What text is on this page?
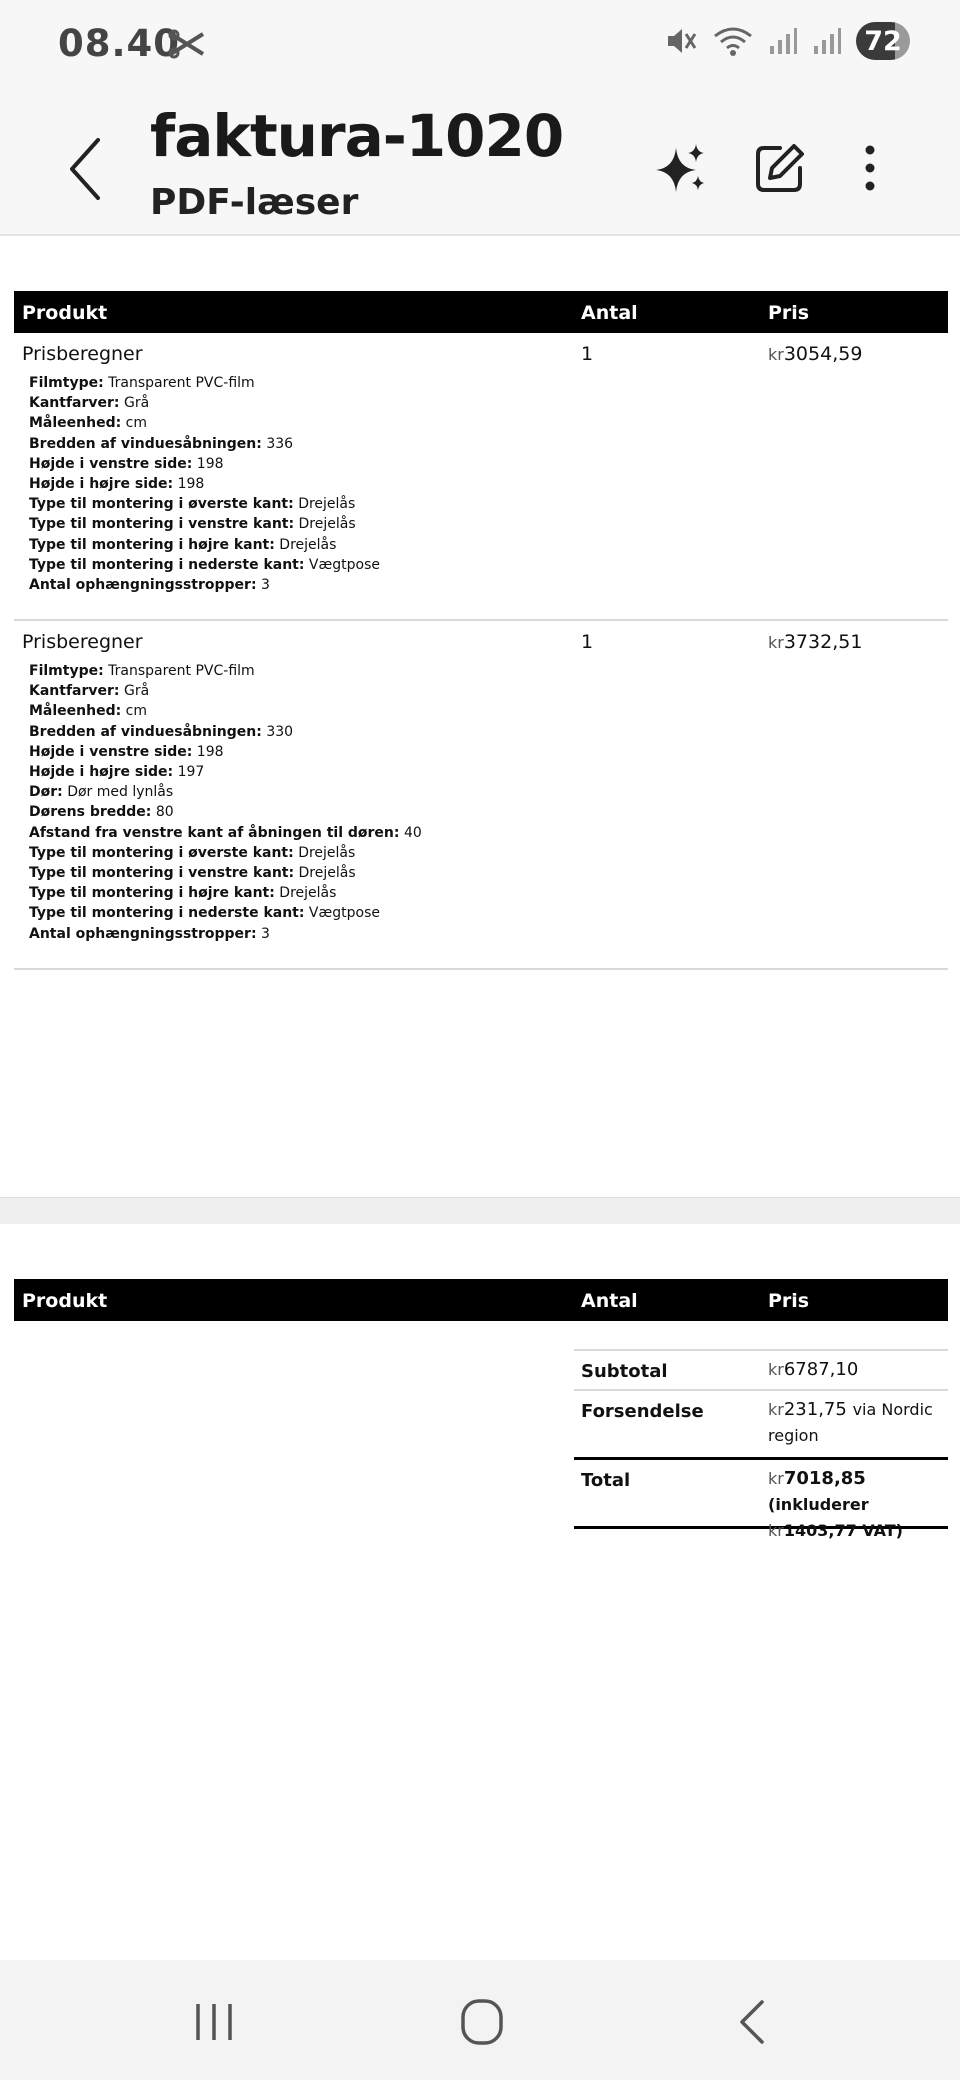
08.40	72
faktura-1020
PDF-læser
Produkt	Antal	Pris
Prisberegner	1	kr3054,59
Filmtype: Transparent PVC-film
Kantfarver: Grå
Måleenhed: cm
Bredden af vinduesåbningen: 336
Højde i venstre side: 198
Højde i højre side: 198
Type til montering i øverste kant: Drejelås
Type til montering i venstre kant: Drejelås
Type til montering i højre kant: Drejelås
Type til montering i nederste kant: Vægtpose
Antal ophængningsstropper: 3
Prisberegner	1	kr3732,51
Filmtype: Transparent PVC-film
Kantfarver: Grå
Måleenhed: cm
Bredden af vinduesåbningen: 330
Højde i venstre side: 198
Højde i højre side: 197
Dør: Dør med lynlås
Dørens bredde: 80
Afstand fra venstre kant af åbningen til døren: 40
Type til montering i øverste kant: Drejelås
Type til montering i venstre kant: Drejelås
Type til montering i højre kant: Drejelås
Type til montering i nederste kant: Vægtpose
Antal ophængningsstropper: 3
Produkt	Antal	Pris
Subtotal	kr6787,10
Forsendelse	kr231,75 via Nordic region
Total	kr7018,85 (inkluderer
kr1403,77 VAT)
